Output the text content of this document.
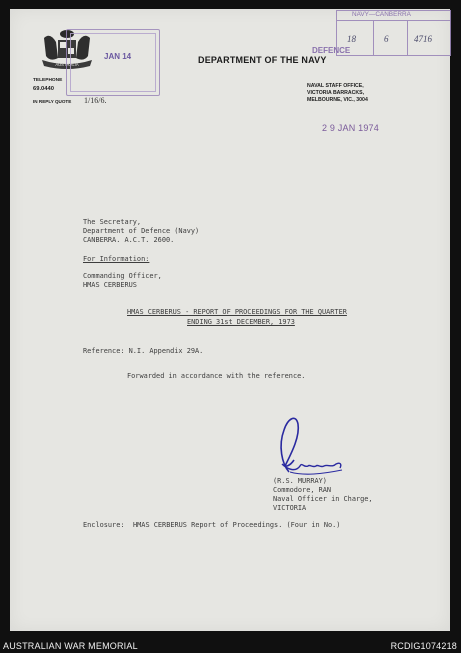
AUSTRALIA
JAN 14
NAVY—CANBERRA
18	6	4716
DEFENCE
TELEPHONE
69.0440
IN REPLY QUOTE 1/16/6.
DEPARTMENT OF THE NAVY
NAVAL STAFF OFFICE,
VICTORIA BARRACKS,
MELBOURNE, VIC., 3004
2 9 JAN 1974
The Secretary,
Department of Defence (Navy)
CANBERRA. A.C.T. 2600.
For Information:
Commanding Officer,
HMAS CERBERUS
HMAS CERBERUS - REPORT OF PROCEEDINGS FOR THE QUARTER
ENDING 31st DECEMBER, 1973
Reference: N.I. Appendix 29A.
Forwarded in accordance with the reference.
(R.S. MURRAY)
Commodore, RAN
Naval Officer in Charge,
VICTORIA
Enclosure: HMAS CERBERUS Report of Proceedings. (Four in No.)
AUSTRALIAN WAR MEMORIAL	RCDIG1074218
